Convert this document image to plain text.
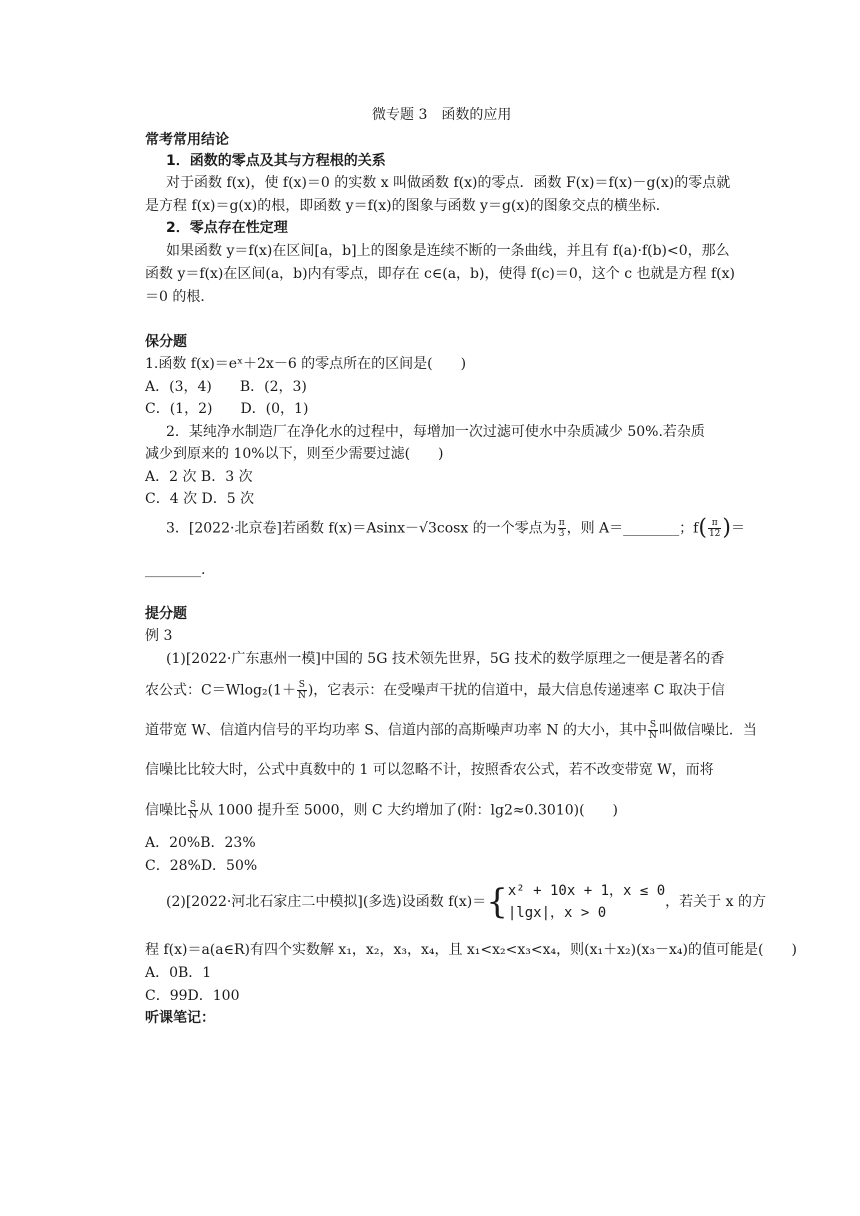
微专题 3　函数的应用
常考常用结论
1．函数的零点及其与方程根的关系
对于函数 f(x)，使 f(x)＝0 的实数 x 叫做函数 f(x)的零点．函数 F(x)＝f(x)－g(x)的零点就
是方程 f(x)＝g(x)的根，即函数 y＝f(x)的图象与函数 y＝g(x)的图象交点的横坐标．
2．零点存在性定理
如果函数 y＝f(x)在区间[a，b]上的图象是连续不断的一条曲线，并且有 f(a)·f(b)<0，那么
函数 y＝f(x)在区间(a，b)内有零点，即存在 c∈(a，b)，使得 f(c)＝0，这个 c 也就是方程 f(x)
＝0 的根．
保分题
1.函数 f(x)＝eˣ＋2x－6 的零点所在的区间是(　　)
A．(3，4)　　B．(2，3)
C．(1，2)　　D．(0，1)
2．某纯净水制造厂在净化水的过程中，每增加一次过滤可使水中杂质减少 50%.若杂质
减少到原来的 10%以下，则至少需要过滤(　　)
A．2 次 B．3 次
C．4 次 D．5 次
3．[2022·北京卷]若函数 f(x)＝Asinx－√3cosx 的一个零点为 $\frac{\pi}{3}$ ，则 A＝________；$f( \frac{\pi}{12}$ )＝
________.
提分题
例 3
(1)[2022·广东惠州一模]中国的 5G 技术领先世界，5G 技术的数学原理之一便是著名的香
农公式：$C=Wlog_2(1+ \frac{S}{N}$ )，它表示：在受噪声干扰的信道中，最大信息传递速率 C 取决于信
道带宽 W、信道内信号的平均功率 S、信道内部的高斯噪声功率 N 的大小，其中 $\frac{S}{N}$ 叫做信噪比．当
信噪比比较大时，公式中真数中的 1 可以忽略不计，按照香农公式，若不改变带宽 W，而将
信噪比 $\frac{S}{N}$ 从 1000 提升至 5000，则 C 大约增加了(附：lg2≈0.3010)(　　)
A．20%B．23%
C．28%D．50%
(2)[2022·河北石家庄二中模拟](多选)设函数 f(x)＝{ x² + 10x + 1，x ≤ 0
|lgx|，x > 0
，若关于 x 的方
程 f(x)＝a(a∈R)有四个实数解 x₁，x₂，x₃，x₄，且 x₁<x₂<x₃<x₄，则(x₁＋x₂)(x₃－x₄)的值可能是(　　)
A．0B．1
C．99D．100
听课笔记：
